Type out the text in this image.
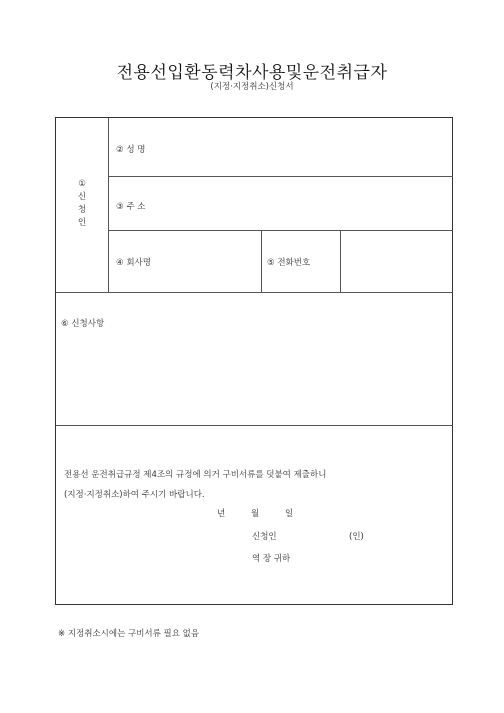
전용선입환동력차사용및운전취급자
(지정·지정취소)신청서
①
신
청
인
② 성 명
③ 주 소
④ 회사명	⑤ 전화번호
⑥ 신청사항
전용선 운전취급규정 제4조의 규정에 의거 구비서류를 덧붙여 제출하니
(지정·지정취소)하여 주시기 바랍니다.
년	월	일
신청인	(인)
역 장 귀하
※ 지정취소시에는 구비서류 필요 없음
